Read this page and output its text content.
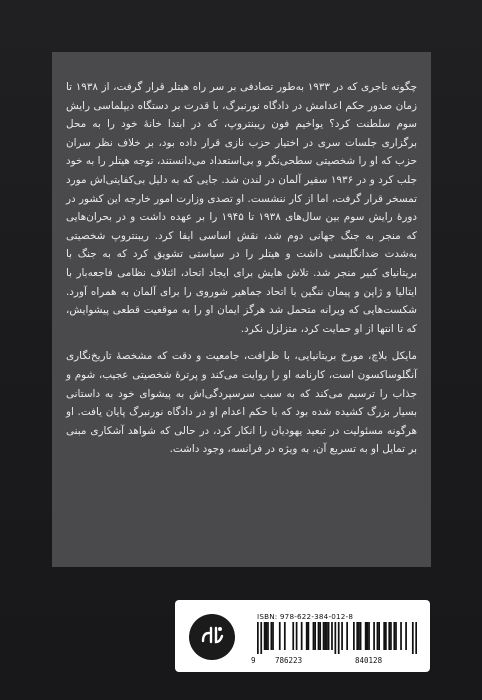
چگونه تاجری که در ۱۹۳۳ به‌طور تصادفی بر سر راه هیتلر قرار گرفت، از ۱۹۳۸ تا زمان صدور حکم اعدامش در دادگاه نورنبرگ، با قدرت بر دستگاه دیپلماسی رایش سوم سلطنت کرد؟ یواخیم فون ریبنتروپ، که در ابتدا خانهٔ خود را به محل برگزاری جلسات سری در اختیار حزب نازی قرار داده بود، بر خلاف نظر سران حزب که او را شخصیتی سطحی‌نگر و بی‌استعداد می‌دانستند، توجه هیتلر را به خود جلب کرد و در ۱۹۳۶ سفیر آلمان در لندن شد. جایی که به دلیل بی‌کفایتی‌اش مورد تمسخر قرار گرفت، اما از کار ننشست. او تصدی وزارت امور خارجه این کشور در دورهٔ رایش سوم بین سال‌های ۱۹۳۸ تا ۱۹۴۵ را بر عهده داشت و در بحران‌هایی که منجر به جنگ جهانی دوم شد، نقش اساسی ایفا کرد. ریبنتروپ شخصیتی به‌شدت ضدانگلیسی داشت و هیتلر را در سیاستی تشویق کرد که به جنگ با بریتانیای کبیر منجر شد. تلاش هایش برای ایجاد اتحاد، ائتلاف نظامی فاجعه‌بار با ایتالیا و ژاپن و پیمان ننگین با اتحاد جماهیر شوروی را برای آلمان به همراه آورد. شکست‌هایی که ویرانه متحمل شد هرگز ایمان او را به موقعیت قطعی پیشوایش، که تا انتها از او حمایت کرد، متزلزل نکرد.

مایکل بلاچ، مورخ بریتانیایی، با ظرافت، جامعیت و دقت که مشخصهٔ تاریخ‌نگاری آنگلوساکسون است، کارنامه او را روایت می‌کند و پرترهٔ شخصیتی عجیب، شوم و جذاب را ترسیم می‌کند که به سبب سرسپردگی‌اش به پیشوای خود به داستانی بسیار بزرگ کشیده شده بود که با حکم اعدام او در دادگاه نورنبرگ پایان یافت. او هرگونه مسئولیت در تبعید یهودیان را انکار کرد، در حالی که شواهد آشکاری مبنی بر تمایل او به تسریع آن، به ویژه در فرانسه، وجود داشت.

ISBN: 978-622-384-012-8
9	786223	840128
